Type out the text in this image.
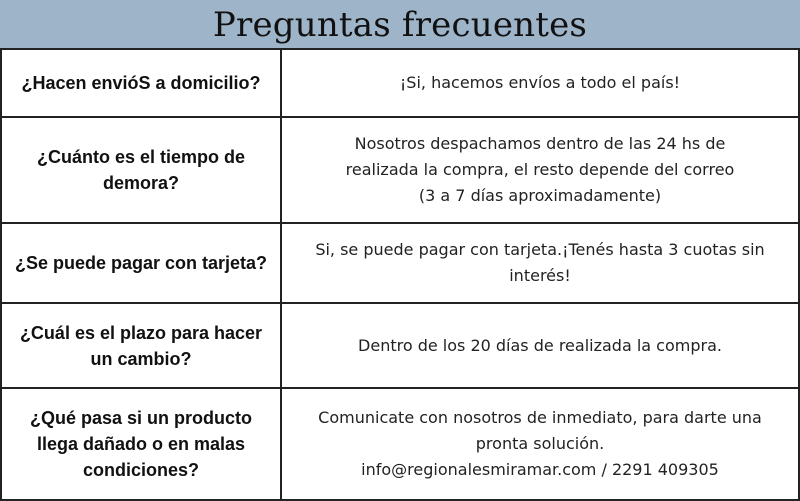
Preguntas frecuentes
¿Hacen envióS a domicilio?	¡Si, hacemos envíos a todo el país!

¿Cuánto es el tiempo de demora?	Nosotros despachamos dentro de las 24 hs de
realizada la compra, el resto depende del correo
(3 a 7 días aproximadamente)

¿Se puede pagar con tarjeta?	Si, se puede pagar con tarjeta.¡Tenés hasta 3 cuotas sin
interés!

¿Cuál es el plazo para hacer un cambio?	Dentro de los 20 días de realizada la compra.

¿Qué pasa si un producto llega dañado o en malas condiciones?	Comunicate con nosotros de inmediato, para darte una
pronta solución.
info@regionalesmiramar.com / 2291 409305
